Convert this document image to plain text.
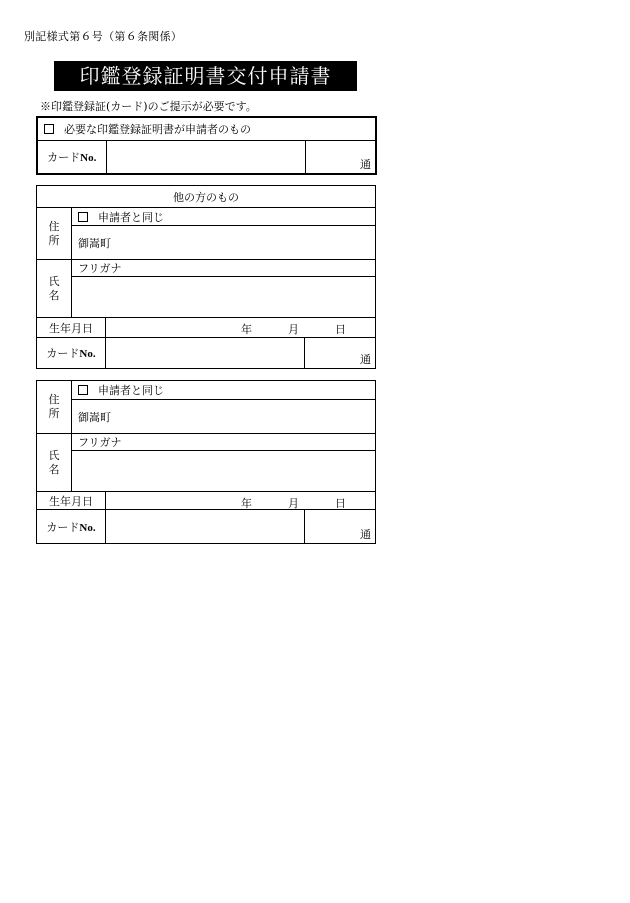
別記様式第６号（第６条関係）
印鑑登録証明書交付申請書
※印鑑登録証(カード)のご提示が必要です。
必要な印鑑登録証明書が申請者のもの
カードNo.		通
他の方のもの			
住
所	申請者と同じ		
	御嵩町		
氏
名	フリガナ		

生年月日		年 月 日	

カードNo.			通
住
所	申請者と同じ		
	御嵩町		
氏
名	フリガナ		

生年月日		年 月 日	

カードNo.			通
